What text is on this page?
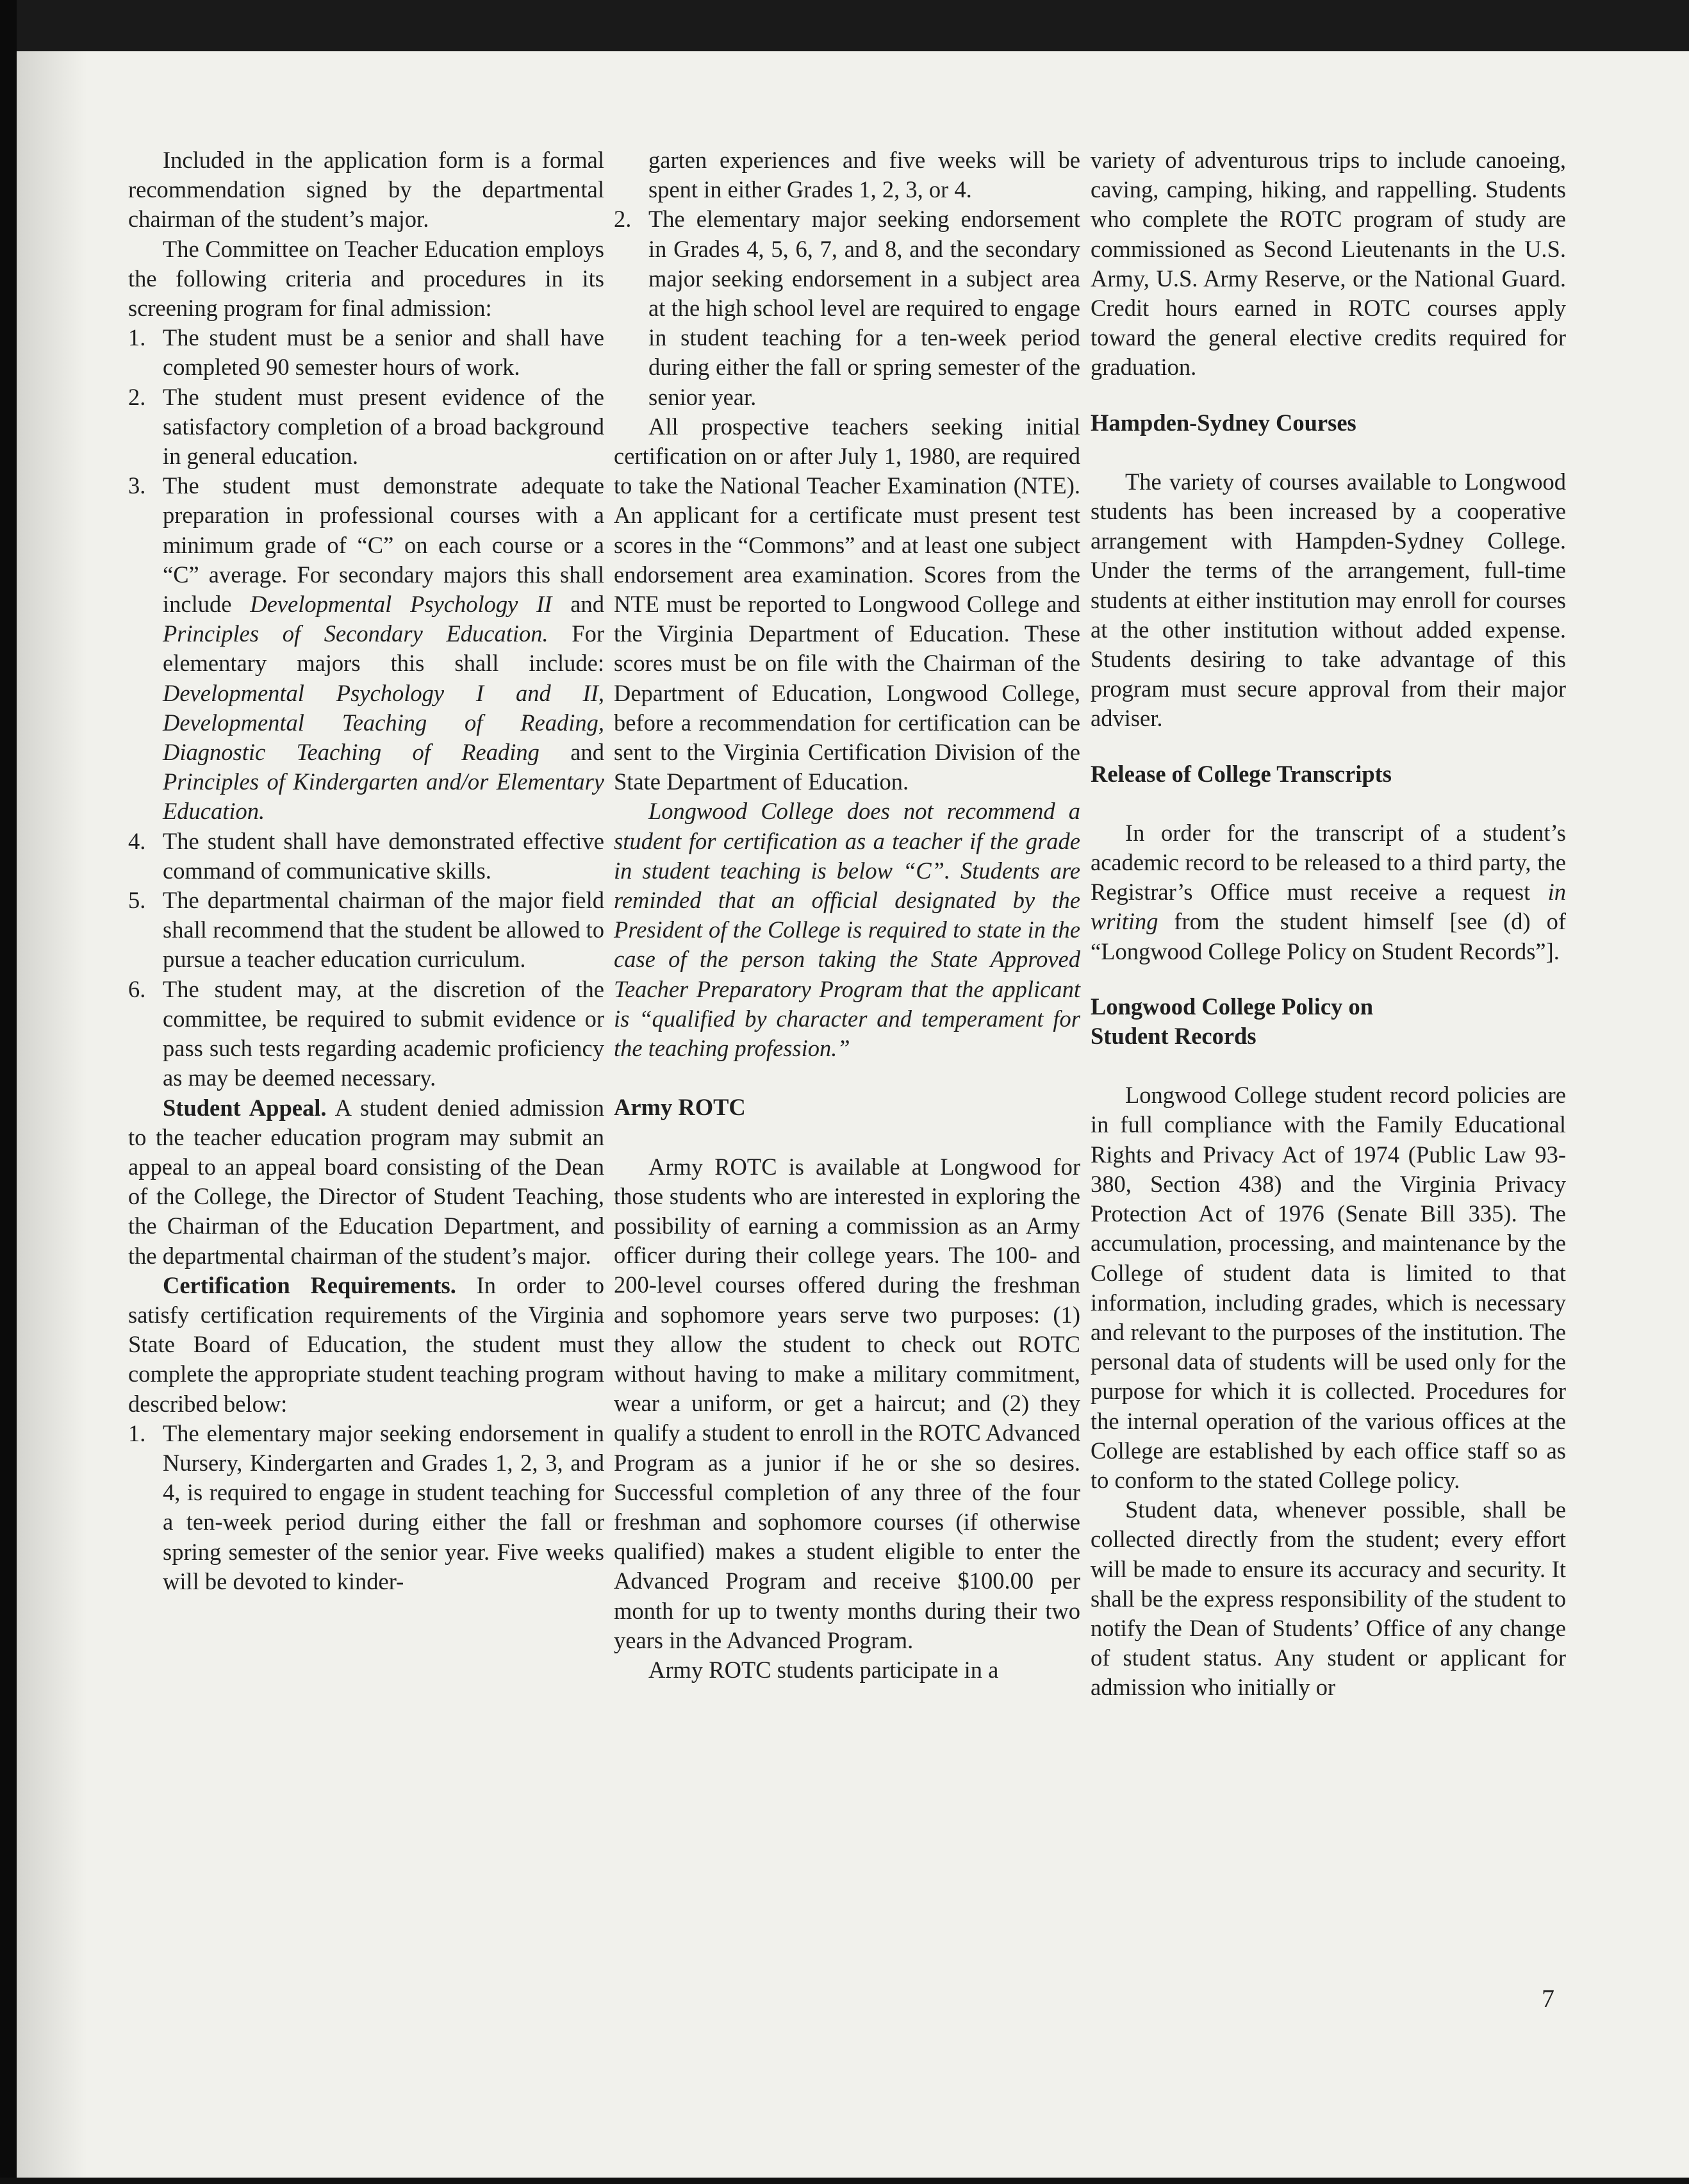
Included in the application form is a formal recommendation signed by the departmental chairman of the student’s major.

The Committee on Teacher Education employs the following criteria and procedures in its screening program for final admission:

1. The student must be a senior and shall have completed 90 semester hours of work.
2. The student must present evidence of the satisfactory completion of a broad background in general education.
3. The student must demonstrate adequate preparation in professional courses with a minimum grade of “C” on each course or a “C” average. For secondary majors this shall include Developmental Psychology II and Principles of Secondary Education. For elementary majors this shall include: Developmental Psychology I and II, Developmental Teaching of Reading, Diagnostic Teaching of Reading and Principles of Kindergarten and/or Elementary Education.
4. The student shall have demonstrated effective command of communicative skills.
5. The departmental chairman of the major field shall recommend that the student be allowed to pursue a teacher education curriculum.
6. The student may, at the discretion of the committee, be required to submit evidence or pass such tests regarding academic proficiency as may be deemed necessary.

Student Appeal. A student denied admission to the teacher education program may submit an appeal to an appeal board consisting of the Dean of the College, the Director of Student Teaching, the Chairman of the Education Department, and the departmental chairman of the student’s major.

Certification Requirements. In order to satisfy certification requirements of the Virginia State Board of Education, the student must complete the appropriate student teaching program described below:

1. The elementary major seeking endorsement in Nursery, Kindergarten and Grades 1, 2, 3, and 4, is required to engage in student teaching for a ten-week period during either the fall or spring semester of the senior year. Five weeks will be devoted to kinder-
garten experiences and five weeks will be spent in either Grades 1, 2, 3, or 4.
2. The elementary major seeking endorsement in Grades 4, 5, 6, 7, and 8, and the secondary major seeking endorsement in a subject area at the high school level are required to engage in student teaching for a ten-week period during either the fall or spring semester of the senior year.

All prospective teachers seeking initial certification on or after July 1, 1980, are required to take the National Teacher Examination (NTE). An applicant for a certificate must present test scores in the “Commons” and at least one subject endorsement area examination. Scores from the NTE must be reported to Longwood College and the Virginia Department of Education. These scores must be on file with the Chairman of the Department of Education, Longwood College, before a recommendation for certification can be sent to the Virginia Certification Division of the State Department of Education.

Longwood College does not recommend a student for certification as a teacher if the grade in student teaching is below “C”. Students are reminded that an official designated by the President of the College is required to state in the case of the person taking the State Approved Teacher Preparatory Program that the applicant is “qualified by character and temperament for the teaching profession.”

Army ROTC

Army ROTC is available at Longwood for those students who are interested in exploring the possibility of earning a commission as an Army officer during their college years. The 100- and 200-level courses offered during the freshman and sophomore years serve two purposes: (1) they allow the student to check out ROTC without having to make a military commitment, wear a uniform, or get a haircut; and (2) they qualify a student to enroll in the ROTC Advanced Program as a junior if he or she so desires. Successful completion of any three of the four freshman and sophomore courses (if otherwise qualified) makes a student eligible to enter the Advanced Program and receive $100.00 per month for up to twenty months during their two years in the Advanced Program.

Army ROTC students participate in a

variety of adventurous trips to include canoeing, caving, camping, hiking, and rappelling. Students who complete the ROTC program of study are commissioned as Second Lieutenants in the U.S. Army, U.S. Army Reserve, or the National Guard. Credit hours earned in ROTC courses apply toward the general elective credits required for graduation.

Hampden-Sydney Courses

The variety of courses available to Longwood students has been increased by a cooperative arrangement with Hampden-Sydney College. Under the terms of the arrangement, full-time students at either institution may enroll for courses at the other institution without added expense. Students desiring to take advantage of this program must secure approval from their major adviser.

Release of College Transcripts

In order for the transcript of a student’s academic record to be released to a third party, the Registrar’s Office must receive a request in writing from the student himself [see (d) of “Longwood College Policy on Student Records”].

Longwood College Policy on Student Records

Longwood College student record policies are in full compliance with the Family Educational Rights and Privacy Act of 1974 (Public Law 93-380, Section 438) and the Virginia Privacy Protection Act of 1976 (Senate Bill 335). The accumulation, processing, and maintenance by the College of student data is limited to that information, including grades, which is necessary and relevant to the purposes of the institution. The personal data of students will be used only for the purpose for which it is collected. Procedures for the internal operation of the various offices at the College are established by each office staff so as to conform to the stated College policy.

Student data, whenever possible, shall be collected directly from the student; every effort will be made to ensure its accuracy and security. It shall be the express responsibility of the student to notify the Dean of Students’ Office of any change of student status. Any student or applicant for admission who initially or

7
